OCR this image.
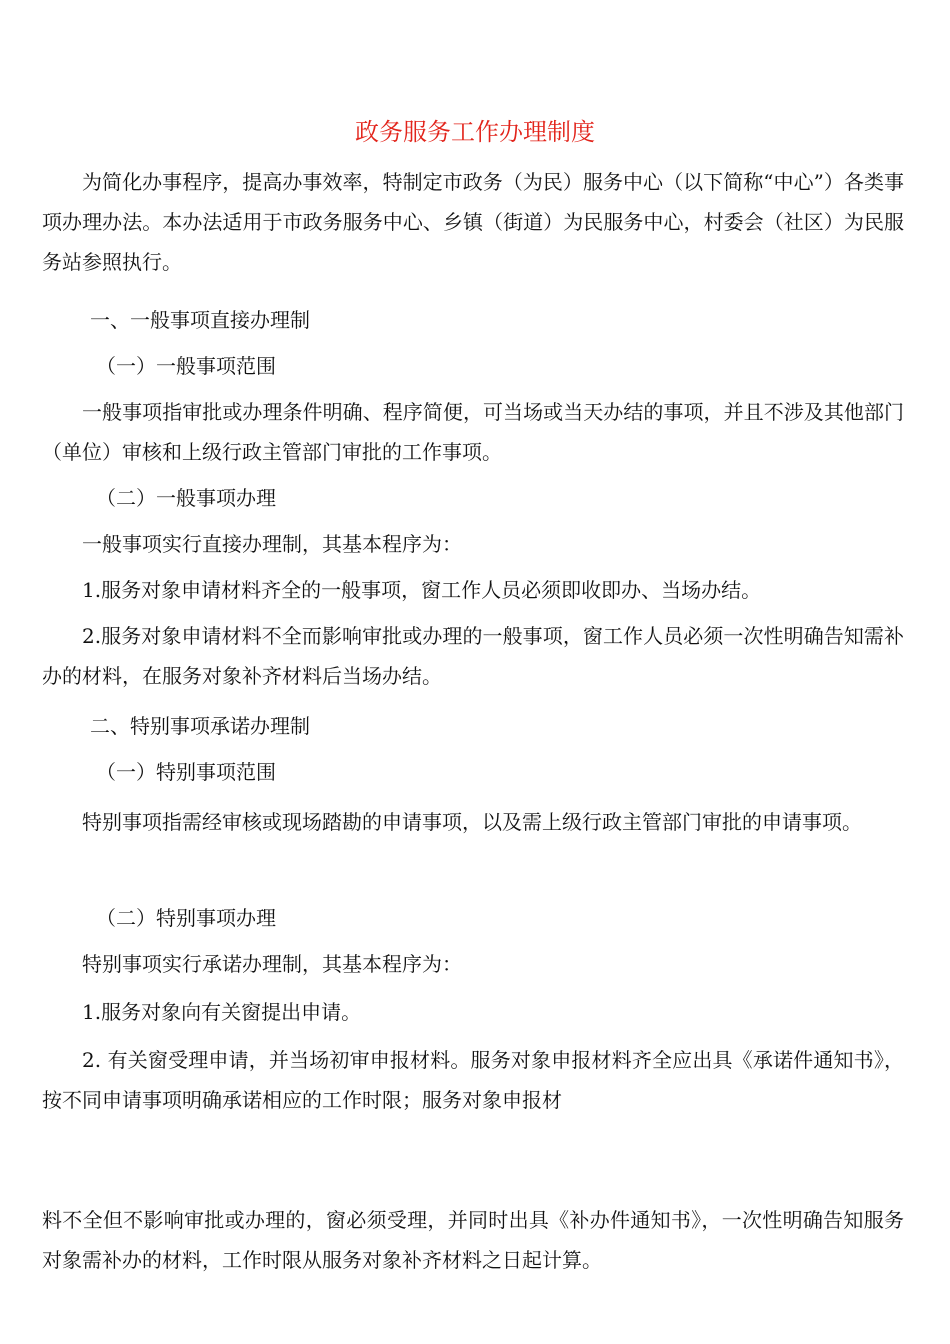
政务服务工作办理制度
为简化办事程序，提高办事效率，特制定市政务（为民）服务中心（以下简称“中心”）各类事项办理办法。本办法适用于市政务服务中心、乡镇（街道）为民服务中心，村委会（社区）为民服务站参照执行。
一、一般事项直接办理制
（一）一般事项范围
一般事项指审批或办理条件明确、程序简便，可当场或当天办结的事项，并且不涉及其他部门（单位）审核和上级行政主管部门审批的工作事项。
（二）一般事项办理
一般事项实行直接办理制，其基本程序为：
1.服务对象申请材料齐全的一般事项，窗工作人员必须即收即办、当场办结。
2.服务对象申请材料不全而影响审批或办理的一般事项，窗工作人员必须一次性明确告知需补办的材料，在服务对象补齐材料后当场办结。
二、特别事项承诺办理制
（一）特别事项范围
特别事项指需经审核或现场踏勘的申请事项，以及需上级行政主管部门审批的申请事项。
（二）特别事项办理
特别事项实行承诺办理制，其基本程序为：
1.服务对象向有关窗提出申请。
2. 有关窗受理申请，并当场初审申报材料。服务对象申报材料齐全应出具《承诺件通知书》，按不同申请事项明确承诺相应的工作时限；服务对象申报材
料不全但不影响审批或办理的，窗必须受理，并同时出具《补办件通知书》，一次性明确告知服务对象需补办的材料，工作时限从服务对象补齐材料之日起计算。
